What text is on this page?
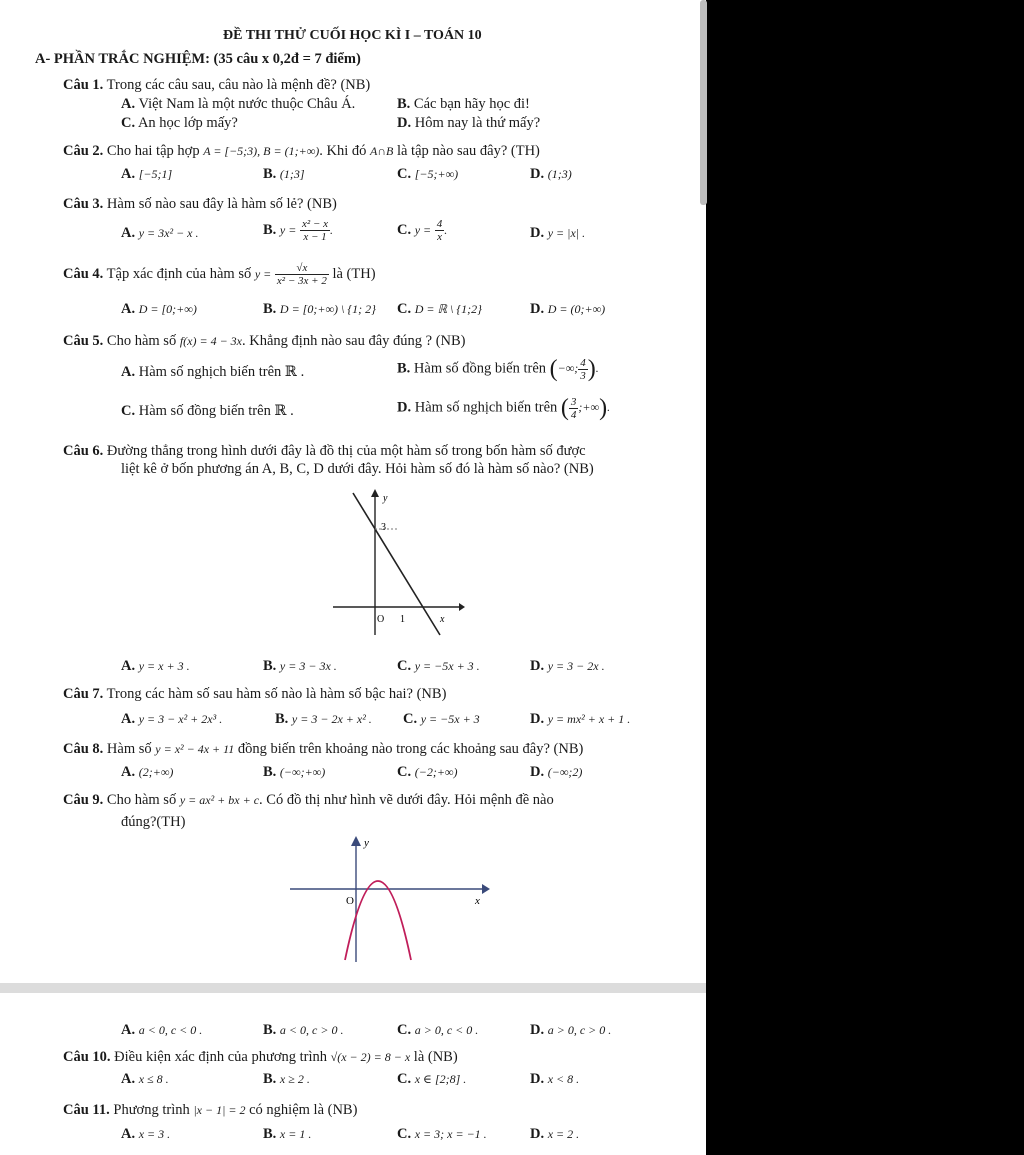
ĐỀ THI THỬ CUỐI HỌC KÌ I – TOÁN 10
A- PHẦN TRẮC NGHIỆM: (35 câu x 0,2đ = 7 điểm)
Câu 1. Trong các câu sau, câu nào là mệnh đề? (NB)
A. Việt Nam là một nước thuộc Châu Á.	B. Các bạn hãy học đi!
C. An học lớp mấy?	D. Hôm nay là thứ mấy?
Câu 2. Cho hai tập hợp A = [−5;3), B = (1;+∞). Khi đó A∩B là tập nào sau đây? (TH)
A. [−5;1]	B. (1;3]	C. [−5;+∞)	D. (1;3)
Câu 3. Hàm số nào sau đây là hàm số lẻ? (NB)
A. y = 3x² − x .	B. $y = \frac{\text{x² − x}}{x - 1}$ .	C. $y = \frac{4}{x}$ .	D. y = |x| .
Câu 4. Tập xác định của hàm số $y = \frac{√x}{\text{x² − 3x + 2}}$ là (TH)
A. D = [0;+∞)	B. D = [0;+∞) \ {1; 2} C. D = ℝ \ {1;2}	D. D = (0;+∞)
Câu 5. Cho hàm số f(x) = 4 − 3x. Khẳng định nào sau đây đúng ? (NB)
A. Hàm số nghịch biến trên ℝ .	B. Hàm số đồng biến trên (−∞; $\frac{4}{3}$ ).
C. Hàm số đồng biến trên ℝ .	D. Hàm số nghịch biến trên ( $\frac{3}{4}$ ;+∞).
Câu 6. Đường thẳng trong hình dưới đây là đồ thị của một hàm số trong bốn hàm số được
liệt kê ở bốn phương án A, B, C, D dưới đây. Hỏi hàm số đó là hàm số nào? (NB)
y
3
O 1	x
A. y = x + 3 .	B. y = 3 − 3x .	C. y = −5x + 3 .	D. y = 3 − 2x .
Câu 7. Trong các hàm số sau hàm số nào là hàm số bậc hai? (NB)
A. y = 3 − x² + 2x³ .	B. y = 3 − 2x + x² . C. y = −5x + 3	D. y = mx² + x + 1 .
Câu 8. Hàm số y = x² − 4x + 11 đồng biến trên khoảng nào trong các khoảng sau đây? (NB)
A. (2;+∞)	B. (−∞;+∞)	C. (−2;+∞)	D. (−∞;2)
Câu 9. Cho hàm số y = ax² + bx + c. Có đồ thị như hình vẽ dưới đây. Hỏi mệnh đề nào
đúng?(TH)
y
O	x
A. a < 0, c < 0 .	B. a < 0, c > 0 .	C. a > 0, c < 0 .	D. a > 0, c > 0 .
Câu 10. Điều kiện xác định của phương trình √(x − 2) = 8 − x là (NB)
A. x ≤ 8 .	B. x ≥ 2 .	C. x ∈ [2;8] .	D. x < 8 .
Câu 11. Phương trình |x − 1| = 2 có nghiệm là (NB)
A. x = 3 .	B. x = 1 .	C. x = 3; x = −1 .	D. x = 2 .
